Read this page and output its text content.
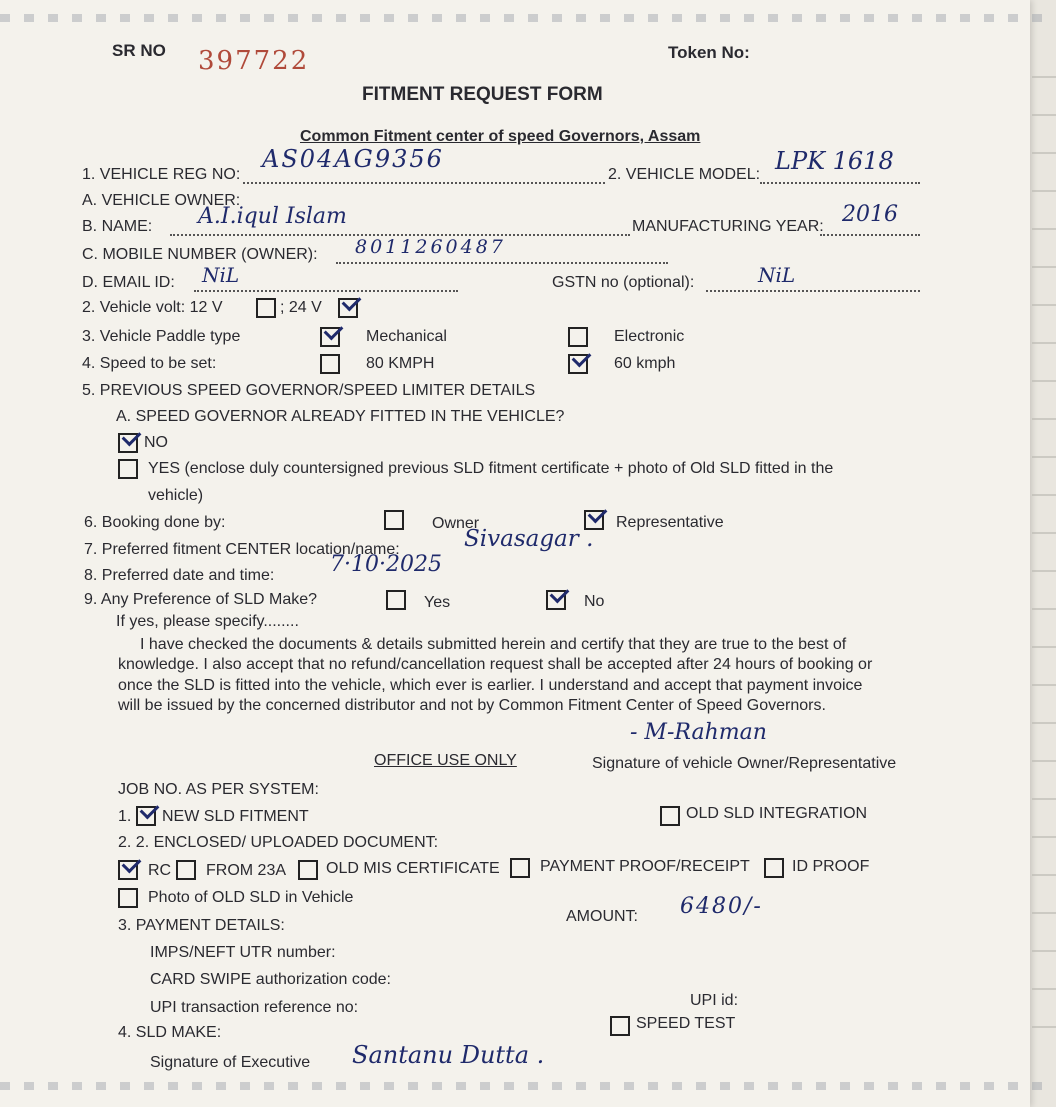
SR NO 397722	Token No:
FITMENT REQUEST FORM
Common Fitment center of speed Governors, Assam
1. VEHICLE REG NO:
AS04AG9356
2. VEHICLE MODEL: LPK 1618
A. VEHICLE OWNER:
B. NAME: A.I.iqul Islam	MANUFACTURING YEAR: 2016
C. MOBILE NUMBER (OWNER): 8011260487
D. EMAIL ID: NiL	GSTN no (optional):	NiL
2. Vehicle volt: 12 V	; 24 V
3. Vehicle Paddle type	Mechanical	Electronic
4. Speed to be set:	80 KMPH	60 kmph
5. PREVIOUS SPEED GOVERNOR/SPEED LIMITER DETAILS
A. SPEED GOVERNOR ALREADY FITTED IN THE VEHICLE?
NO
YES (enclose duly countersigned previous SLD fitment certificate + photo of Old SLD fitted in the
vehicle)
6. Booking done by:	Owner	Representative
7. Preferred fitment CENTER location/name:	Sivasagar .
8. Preferred date and time:	7·10·2025
9. Any Preference of SLD Make?	Yes	No
If yes, please specify........
I have checked the documents & details submitted herein and certify that they are true to the best of
knowledge. I also accept that no refund/cancellation request shall be accepted after 24 hours of booking or
once the SLD is fitted into the vehicle, which ever is earlier. I understand and accept that payment invoice
will be issued by the concerned distributor and not by Common Fitment Center of Speed Governors.
- M-Rahman
OFFICE USE ONLY	Signature of vehicle Owner/Representative
JOB NO. AS PER SYSTEM:
1. NEW SLD FITMENT	OLD SLD INTEGRATION
2. 2. ENCLOSED/ UPLOADED DOCUMENT:
RC FROM 23A OLD MIS CERTIFICATE	PAYMENT PROOF/RECEIPT	ID PROOF
Photo of OLD SLD in Vehicle
3. PAYMENT DETAILS:
AMOUNT: 6480/-
IMPS/NEFT UTR number:
CARD SWIPE authorization code:
UPI transaction reference no:	UPI id:
4. SLD MAKE:
SPEED TEST
Signature of Executive Santanu Dutta .
